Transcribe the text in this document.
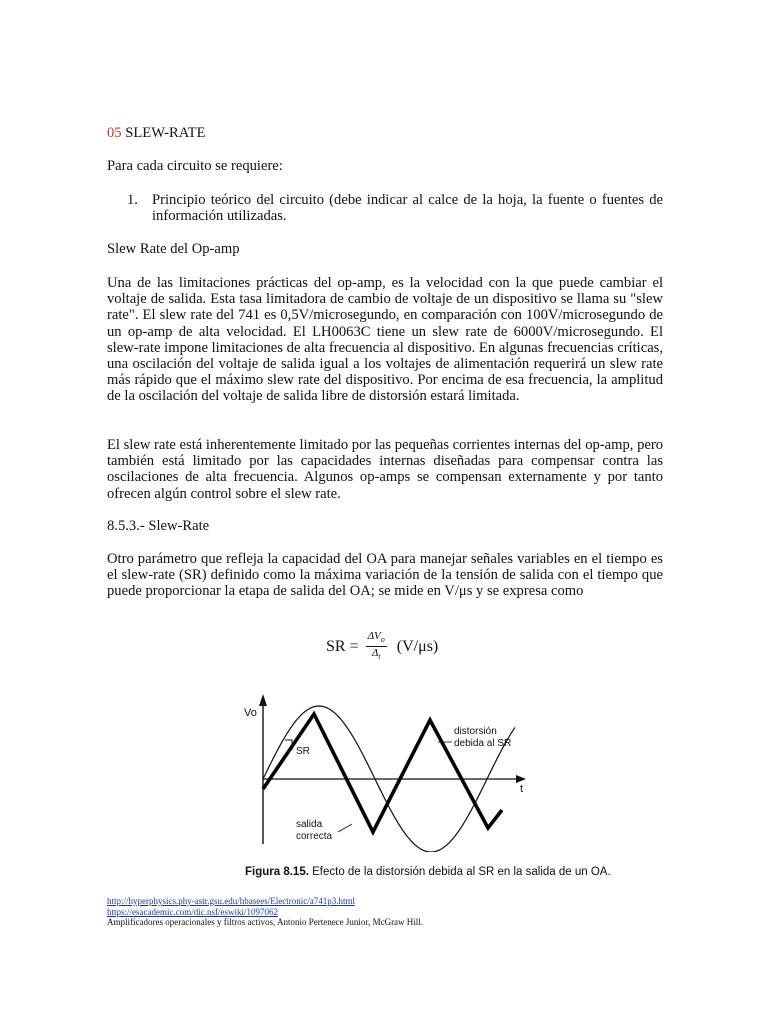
05 SLEW-RATE
Para cada circuito se requiere:
1. Principio teórico del circuito (debe indicar al calce de la hoja, la fuente o fuentes de información utilizadas.
Slew Rate del Op-amp
Una de las limitaciones prácticas del op-amp, es la velocidad con la que puede cambiar el voltaje de salida. Esta tasa limitadora de cambio de voltaje de un dispositivo se llama su "slew rate". El slew rate del 741 es 0,5V/microsegundo, en comparación con 100V/microsegundo de un op-amp de alta velocidad. El LH0063C tiene un slew rate de 6000V/microsegundo. El slew-rate impone limitaciones de alta frecuencia al dispositivo. En algunas frecuencias críticas, una oscilación del voltaje de salida igual a los voltajes de alimentación requerirá un slew rate más rápido que el máximo slew rate del dispositivo. Por encima de esa frecuencia, la amplitud de la oscilación del voltaje de salida libre de distorsión estará limitada.
El slew rate está inherentemente limitado por las pequeñas corrientes internas del op-amp, pero también está limitado por las capacidades internas diseñadas para compensar contra las oscilaciones de alta frecuencia. Algunos op-amps se compensan externamente y por tanto ofrecen algún control sobre el slew rate.
8.5.3.- Slew-Rate
Otro parámetro que refleja la capacidad del OA para manejar señales variables en el tiempo es el slew-rate (SR) definido como la máxima variación de la tensión de salida con el tiempo que puede proporcionar la etapa de salida del OA; se mide en V/μs y se expresa como
SR = $\frac{\Delta V_o}{\Delta_t} (V/\mu s)$
Vo
t
SR
distorsión
debida al SR
salida
correcta
Figura 8.15. Efecto de la distorsión debida al SR en la salida de un OA.
http://hyperphysics.phy-astr.gsu.edu/hbasees/Electronic/a741p3.html
https://esacademic.com/dic.nsf/eswiki/1097062
Amplificadores operacionales y filtros activos, Antonio Pertenece Junior, McGraw Hill.
